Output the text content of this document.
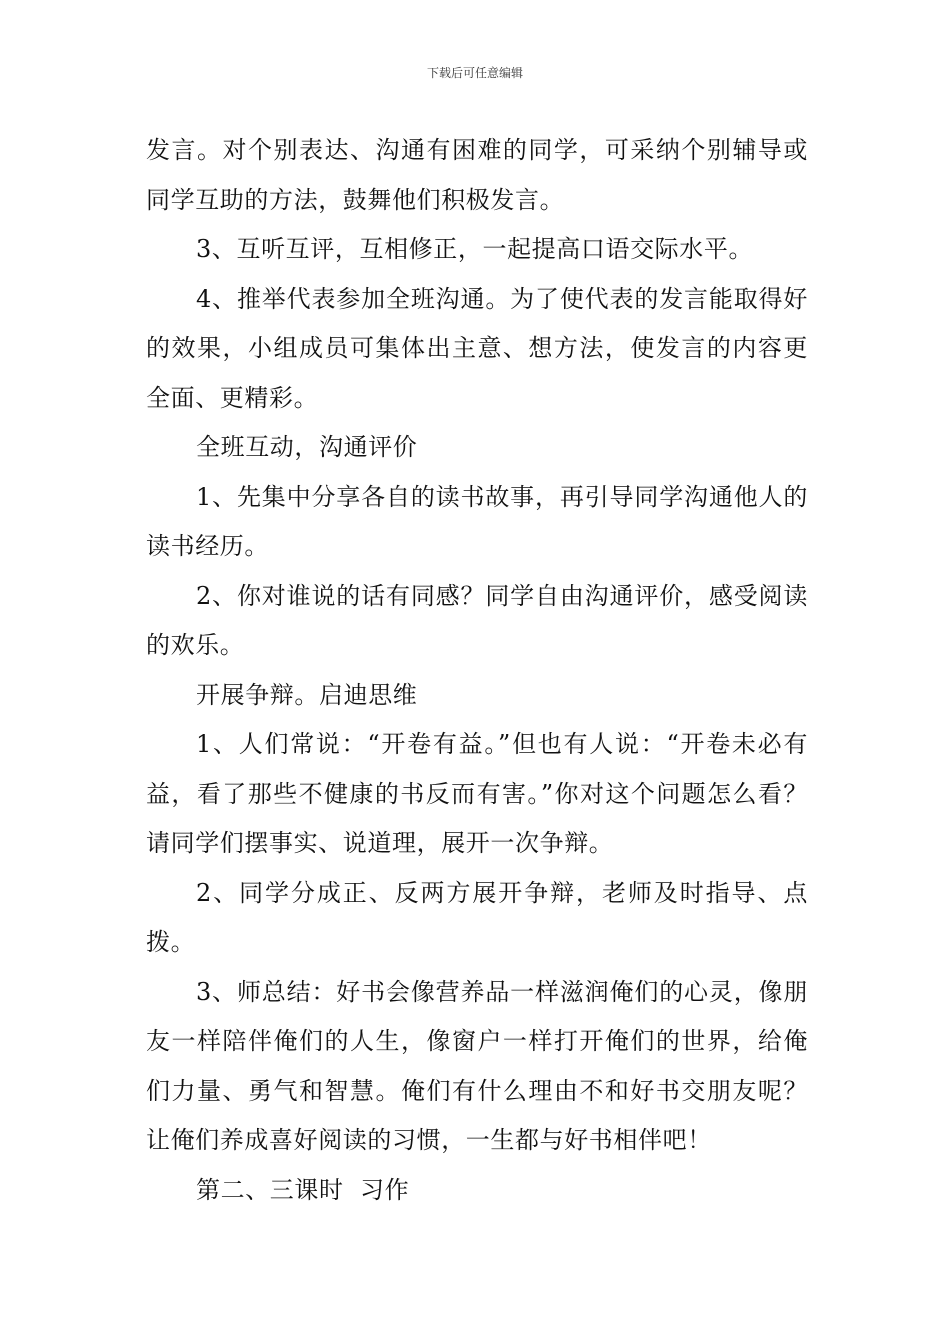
下载后可任意编辑

发言。对个别表达、沟通有困难的同学，可采纳个别辅导或同学互助的方法，鼓舞他们积极发言。

3、互听互评，互相修正，一起提高口语交际水平。

4、推举代表参加全班沟通。为了使代表的发言能取得好的效果，小组成员可集体出主意、想方法，使发言的内容更全面、更精彩。

全班互动，沟通评价

1、先集中分享各自的读书故事，再引导同学沟通他人的读书经历。

2、你对谁说的话有同感？同学自由沟通评价，感受阅读的欢乐。

开展争辩。启迪思维

1、人们常说：“开卷有益。”但也有人说：“开卷未必有益，看了那些不健康的书反而有害。”你对这个问题怎么看？请同学们摆事实、说道理，展开一次争辩。

2、同学分成正、反两方展开争辩，老师及时指导、点拨。

3、师总结：好书会像营养品一样滋润俺们的心灵，像朋友一样陪伴俺们的人生，像窗户一样打开俺们的世界，给俺们力量、勇气和智慧。俺们有什么理由不和好书交朋友呢？让俺们养成喜好阅读的习惯，一生都与好书相伴吧！

第二、三课时  习作
